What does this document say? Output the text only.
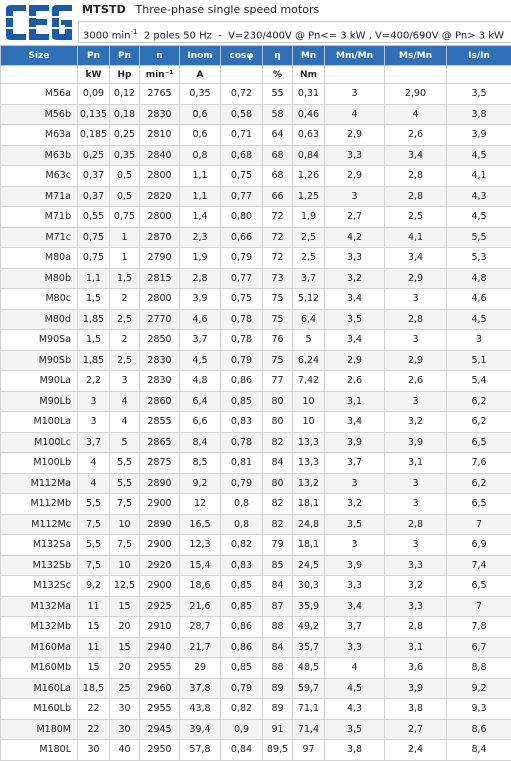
MTSTD Three-phase single speed motors
3000 $\min^{-1} 2$ poles 50 Hz  -  V=230/400V @ Pn<= 3 kW , V=400/690V @ Pn> 3 kW
Size	Pn	Pn	n	Inom	cosφ	η	Mn	Mm/Mn	Ms/Mn	Is/In
	kW	Hp	min⁻¹	A		%	Nm			
M56a	0,09	0,12	2765	0,35	0,72	55	0,31	3	2,90	3,5
M56b	0,135	0,18	2830	0,6	0,58	58	0,46	4	4	3,8
M63a	0,185	0,25	2810	0,6	0,71	64	0,63	2,9	2,6	3,9
M63b	0,25	0,35	2840	0,8	0,68	68	0,84	3,3	3,4	4,5
M63c	0,37	0,5	2800	1,1	0,75	68	1,26	2,9	2,8	4,1
M71a	0,37	0,5	2820	1,1	0,77	66	1,25	3	2,8	4,3
M71b	0,55	0,75	2800	1,4	0,80	72	1,9	2,7	2,5	4,5
M71c	0,75	1	2870	2,3	0,66	72	2,5	4,2	4,1	5,5
M80a	0,75	1	2790	1,9	0,79	72	2,5	3,3	3,4	5,3
M80b	1,1	1,5	2815	2,8	0,77	73	3,7	3,2	2,9	4,8
M80c	1,5	2	2800	3,9	0,75	75	5,12	3,4	3	4,6
M80d	1,85	2,5	2770	4,6	0,78	75	6,4	3,5	2,8	4,5
M90Sa	1,5	2	2850	3,7	0,78	76	5	3,4	3	3
M90Sb	1,85	2,5	2830	4,5	0,79	75	6,24	2,9	2,9	5,1
M90La	2,2	3	2830	4,8	0,86	77	7,42	2,6	2,6	5,4
M90Lb	3	4	2860	6,4	0,85	80	10	3,1	3	6,2
M100La	3	4	2855	6,6	0,83	80	10	3,4	3,2	6,2
M100Lc	3,7	5	2865	8,4	0,78	82	13,3	3,9	3,9	6,5
M100Lb	4	5,5	2875	8,5	0,81	84	13,3	3,7	3,1	7,6
M112Ma	4	5,5	2890	9,2	0,79	80	13,2	3	3	6,2
M112Mb	5,5	7,5	2900	12	0,8	82	18,1	3,2	3	6,5
M112Mc	7,5	10	2890	16,5	0,8	82	24,8	3,5	2,8	7
M132Sa	5,5	7,5	2900	12,3	0,82	79	18,1	3	3	6,9
M132Sb	7,5	10	2920	15,4	0,83	85	24,5	3,9	3,3	7,4
M132Sc	9,2	12,5	2900	18,6	0,85	84	30,3	3,3	3,2	6,5
M132Ma	11	15	2925	21,6	0,85	87	35,9	3,4	3,3	7
M132Mb	15	20	2910	28,7	0,86	88	49,2	3,7	2,8	7,8
M160Ma	11	15	2940	21,7	0,86	84	35,7	3,3	3,1	6,7
M160Mb	15	20	2955	29	0,85	88	48,5	4	3,6	8,8
M160La	18,5	25	2960	37,8	0,79	89	59,7	4,5	3,9	9,2
M160Lb	22	30	2955	43,8	0,82	89	71,1	4,3	3,8	9,3
M180M	22	30	2945	39,4	0,9	91	71,4	3,5	2,7	8,6
M180L	30	40	2950	57,8	0,84	89,5	97	3,8	2,4	8,4
